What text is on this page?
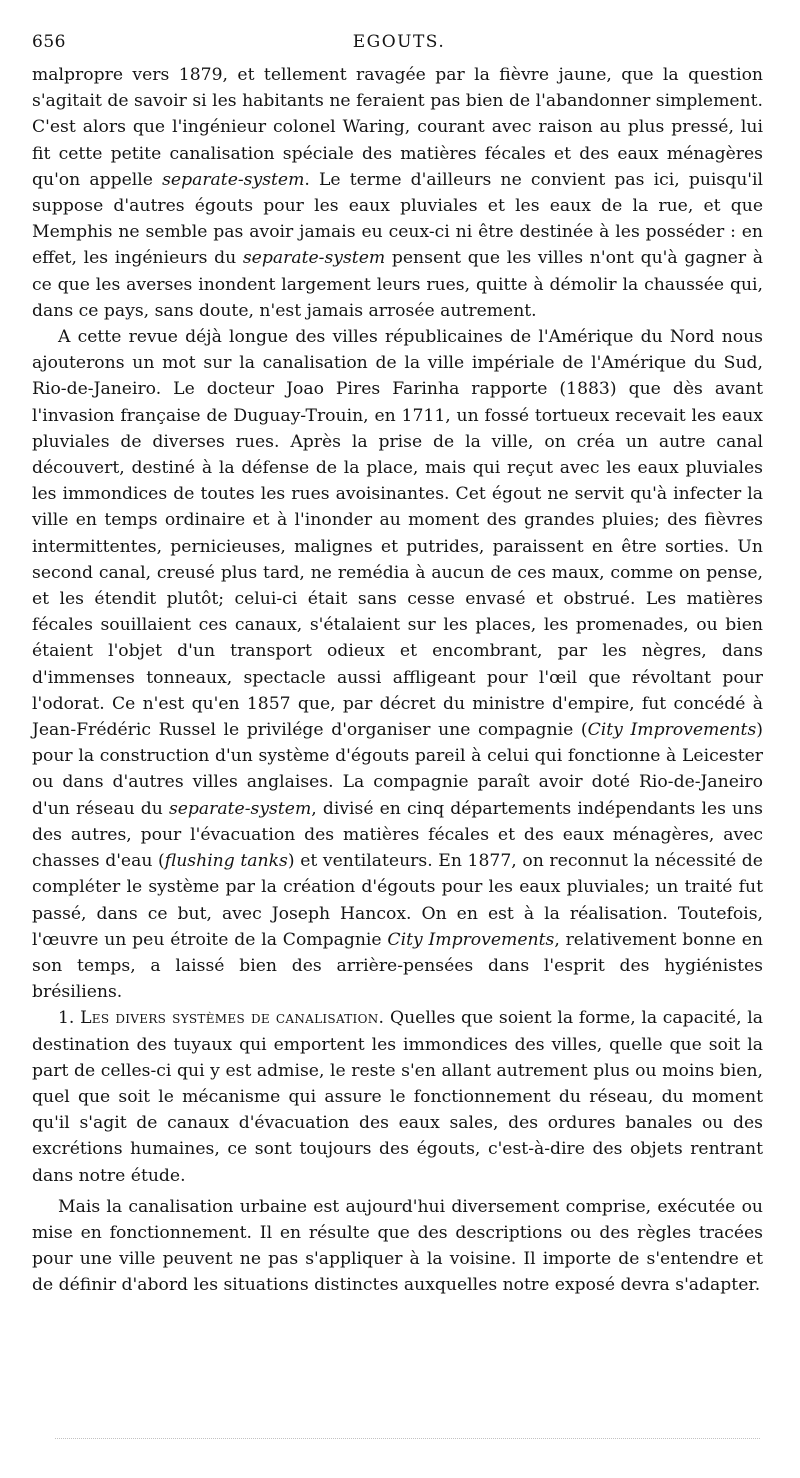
656	EGOUTS.

malpropre vers 1879, et tellement ravagée par la fièvre jaune, que la question s'agitait de savoir si les habitants ne feraient pas bien de l'abandonner simplement. C'est alors que l'ingénieur colonel Waring, courant avec raison au plus pressé, lui fit cette petite canalisation spéciale des matières fécales et des eaux ménagères qu'on appelle separate-system. Le terme d'ailleurs ne convient pas ici, puisqu'il suppose d'autres égouts pour les eaux pluviales et les eaux de la rue, et que Memphis ne semble pas avoir jamais eu ceux-ci ni être destinée à les posséder : en effet, les ingénieurs du separate-system pensent que les villes n'ont qu'à gagner à ce que les averses inondent largement leurs rues, quitte à démolir la chaussée qui, dans ce pays, sans doute, n'est jamais arrosée autrement.

A cette revue déjà longue des villes républicaines de l'Amérique du Nord nous ajouterons un mot sur la canalisation de la ville impériale de l'Amérique du Sud, Rio-de-Janeiro. Le docteur Joao Pires Farinha rapporte (1883) que dès avant l'invasion française de Duguay-Trouin, en 1711, un fossé tortueux recevait les eaux pluviales de diverses rues. Après la prise de la ville, on créa un autre canal découvert, destiné à la défense de la place, mais qui reçut avec les eaux pluviales les immondices de toutes les rues avoisinantes. Cet égout ne servit qu'à infecter la ville en temps ordinaire et à l'inonder au moment des grandes pluies; des fièvres intermittentes, pernicieuses, malignes et putrides, paraissent en être sorties. Un second canal, creusé plus tard, ne remédia à aucun de ces maux, comme on pense, et les étendit plutôt; celui-ci était sans cesse envasé et obstrué. Les matières fécales souillaient ces canaux, s'étalaient sur les places, les promenades, ou bien étaient l'objet d'un transport odieux et encombrant, par les nègres, dans d'immenses tonneaux, spectacle aussi affligeant pour l'œil que révoltant pour l'odorat. Ce n'est qu'en 1857 que, par décret du ministre d'empire, fut concédé à Jean-Frédéric Russel le privilége d'organiser une compagnie (City Improvements) pour la construction d'un système d'égouts pareil à celui qui fonctionne à Leicester ou dans d'autres villes anglaises. La compagnie paraît avoir doté Rio-de-Janeiro d'un réseau du separate-system, divisé en cinq départements indépendants les uns des autres, pour l'évacuation des matières fécales et des eaux ménagères, avec chasses d'eau (flushing tanks) et ventilateurs. En 1877, on reconnut la nécessité de compléter le système par la création d'égouts pour les eaux pluviales; un traité fut passé, dans ce but, avec Joseph Hancox. On en est à la réalisation. Toutefois, l'œuvre un peu étroite de la Compagnie City Improvements, relativement bonne en son temps, a laissé bien des arrière-pensées dans l'esprit des hygiénistes brésiliens.

1. Les divers systèmes de canalisation. Quelles que soient la forme, la capacité, la destination des tuyaux qui emportent les immondices des villes, quelle que soit la part de celles-ci qui y est admise, le reste s'en allant autrement plus ou moins bien, quel que soit le mécanisme qui assure le fonctionnement du réseau, du moment qu'il s'agit de canaux d'évacuation des eaux sales, des ordures banales ou des excrétions humaines, ce sont toujours des égouts, c'est-à-dire des objets rentrant dans notre étude.

Mais la canalisation urbaine est aujourd'hui diversement comprise, exécutée ou mise en fonctionnement. Il en résulte que des descriptions ou des règles tracées pour une ville peuvent ne pas s'appliquer à la voisine. Il importe de s'entendre et de définir d'abord les situations distinctes auxquelles notre exposé devra s'adapter.
